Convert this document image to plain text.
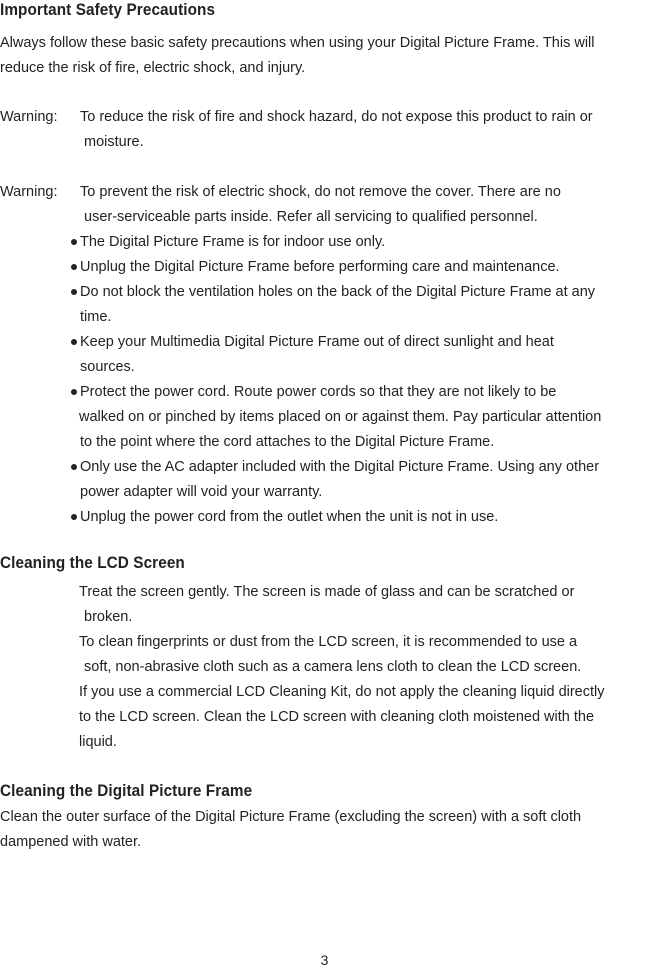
Important Safety Precautions
Always follow these basic safety precautions when using your Digital Picture Frame. This will
reduce the risk of fire, electric shock, and injury.
Warning: To reduce the risk of fire and shock hazard, do not expose this product to rain or
moisture.
Warning: To prevent the risk of electric shock, do not remove the cover. There are no
user-serviceable parts inside. Refer all servicing to qualified personnel.
The Digital Picture Frame is for indoor use only.
Unplug the Digital Picture Frame before performing care and maintenance.
Do not block the ventilation holes on the back of the Digital Picture Frame at any
time.
Keep your Multimedia Digital Picture Frame out of direct sunlight and heat
sources.
Protect the power cord. Route power cords so that they are not likely to be
walked on or pinched by items placed on or against them. Pay particular attention
to the point where the cord attaches to the Digital Picture Frame.
Only use the AC adapter included with the Digital Picture Frame. Using any other
power adapter will void your warranty.
Unplug the power cord from the outlet when the unit is not in use.
Cleaning the LCD Screen
Treat the screen gently. The screen is made of glass and can be scratched or
broken.
To clean fingerprints or dust from the LCD screen, it is recommended to use a
soft, non-abrasive cloth such as a camera lens cloth to clean the LCD screen.
If you use a commercial LCD Cleaning Kit, do not apply the cleaning liquid directly
to the LCD screen. Clean the LCD screen with cleaning cloth moistened with the
liquid.
Cleaning the Digital Picture Frame
Clean the outer surface of the Digital Picture Frame (excluding the screen) with a soft cloth
dampened with water.
3
